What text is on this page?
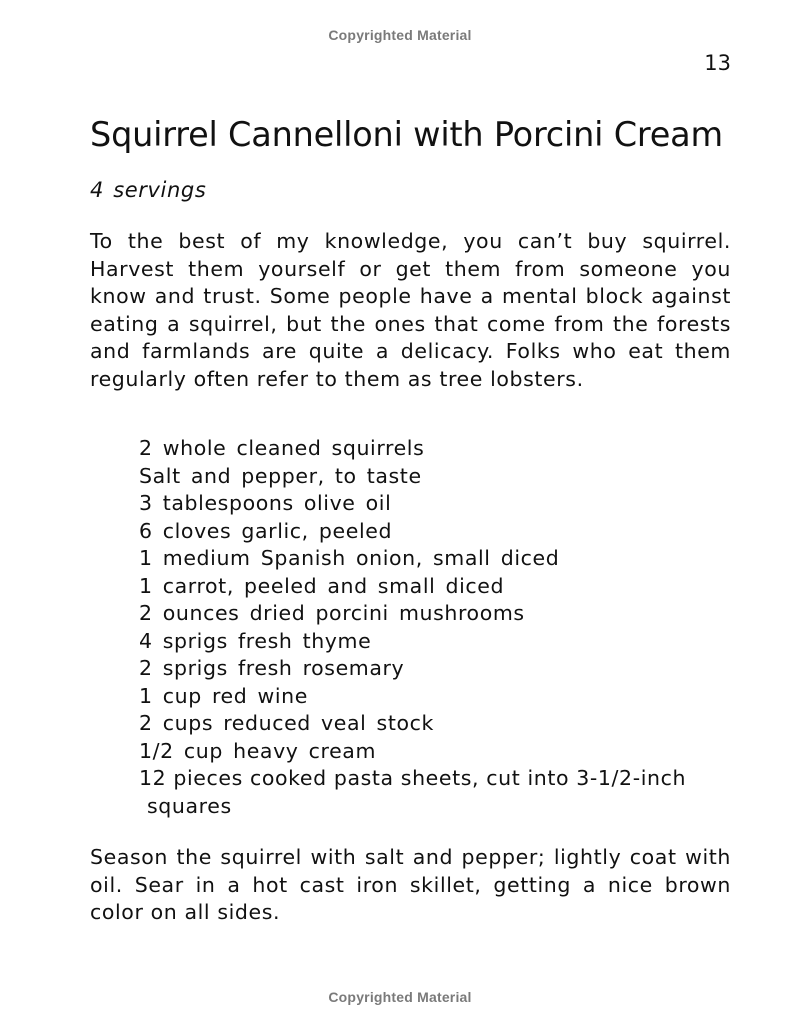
Copyrighted Material
13
Squirrel Cannelloni with Porcini Cream
4 servings

To the best of my knowledge, you can’t buy squirrel. Harvest them yourself or get them from someone you know and trust. Some people have a mental block against eating a squirrel, but the ones that come from the forests and farmlands are quite a delicacy. Folks who eat them regularly often refer to them as tree lobsters.

2 whole cleaned squirrels
Salt and pepper, to taste
3 tablespoons olive oil
6 cloves garlic, peeled
1 medium Spanish onion, small diced
1 carrot, peeled and small diced
2 ounces dried porcini mushrooms
4 sprigs fresh thyme
2 sprigs fresh rosemary
1 cup red wine
2 cups reduced veal stock
1/2 cup heavy cream
12 pieces cooked pasta sheets, cut into 3-1/2-inch
squares

Season the squirrel with salt and pepper; lightly coat with oil. Sear in a hot cast iron skillet, getting a nice brown color on all sides.

Copyrighted Material
